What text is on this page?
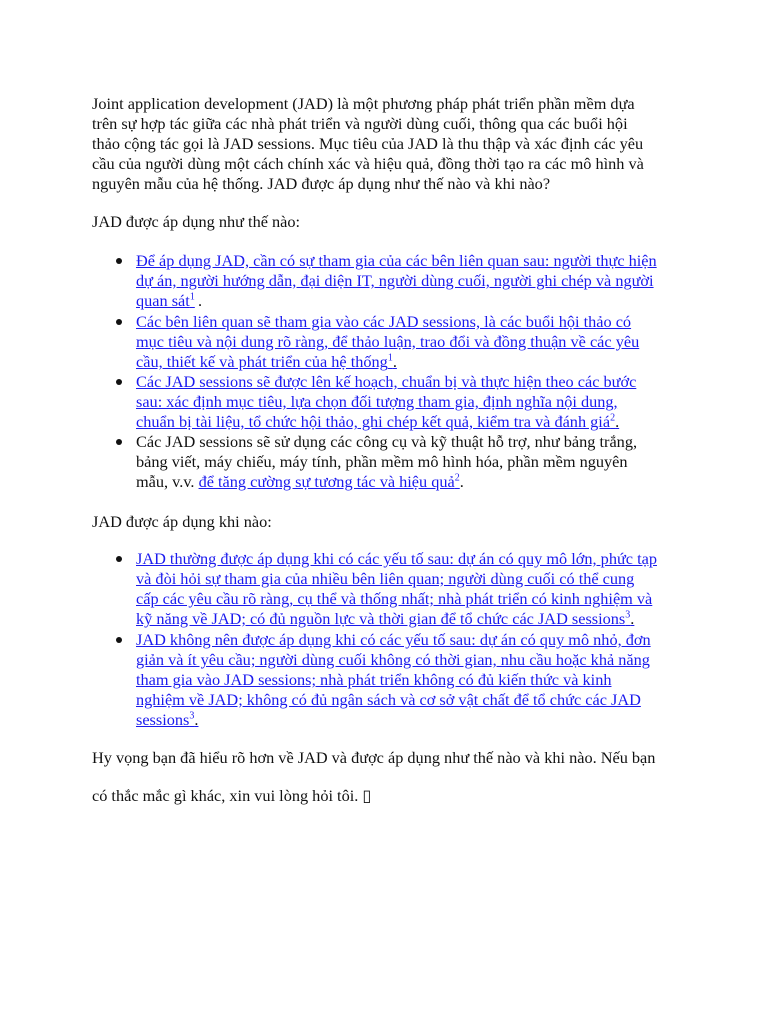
Joint application development (JAD) là một phương pháp phát triển phần mềm dựa
trên sự hợp tác giữa các nhà phát triển và người dùng cuối, thông qua các buổi hội
thảo cộng tác gọi là JAD sessions. Mục tiêu của JAD là thu thập và xác định các yêu
cầu của người dùng một cách chính xác và hiệu quả, đồng thời tạo ra các mô hình và
nguyên mẫu của hệ thống. JAD được áp dụng như thế nào và khi nào?
JAD được áp dụng như thế nào:
Để áp dụng JAD, cần có sự tham gia của các bên liên quan sau: người thực hiện
dự án, người hướng dẫn, đại diện IT, người dùng cuối, người ghi chép và người
quan sát$^1$ .
Các bên liên quan sẽ tham gia vào các JAD sessions, là các buổi hội thảo có
mục tiêu và nội dung rõ ràng, để thảo luận, trao đổi và đồng thuận về các yêu
cầu, thiết kế và phát triển của hệ thống$^1$.
Các JAD sessions sẽ được lên kế hoạch, chuẩn bị và thực hiện theo các bước
sau: xác định mục tiêu, lựa chọn đối tượng tham gia, định nghĩa nội dung,
chuẩn bị tài liệu, tổ chức hội thảo, ghi chép kết quả, kiểm tra và đánh giá$^2$.
Các JAD sessions sẽ sử dụng các công cụ và kỹ thuật hỗ trợ, như bảng trắng,
bảng viết, máy chiếu, máy tính, phần mềm mô hình hóa, phần mềm nguyên
mẫu, v.v. để tăng cường sự tương tác và hiệu quả$^2$.
JAD được áp dụng khi nào:
JAD thường được áp dụng khi có các yếu tố sau: dự án có quy mô lớn, phức tạp
và đòi hỏi sự tham gia của nhiều bên liên quan; người dùng cuối có thể cung
cấp các yêu cầu rõ ràng, cụ thể và thống nhất; nhà phát triển có kinh nghiệm và
kỹ năng về JAD; có đủ nguồn lực và thời gian để tổ chức các JAD sessions$^3$.
JAD không nên được áp dụng khi có các yếu tố sau: dự án có quy mô nhỏ, đơn
giản và ít yêu cầu; người dùng cuối không có thời gian, nhu cầu hoặc khả năng
tham gia vào JAD sessions; nhà phát triển không có đủ kiến thức và kinh
nghiệm về JAD; không có đủ ngân sách và cơ sở vật chất để tổ chức các JAD
sessions$^3$.
Hy vọng bạn đã hiểu rõ hơn về JAD và được áp dụng như thế nào và khi nào. Nếu bạn
có thắc mắc gì khác, xin vui lòng hỏi tôi. ▯
